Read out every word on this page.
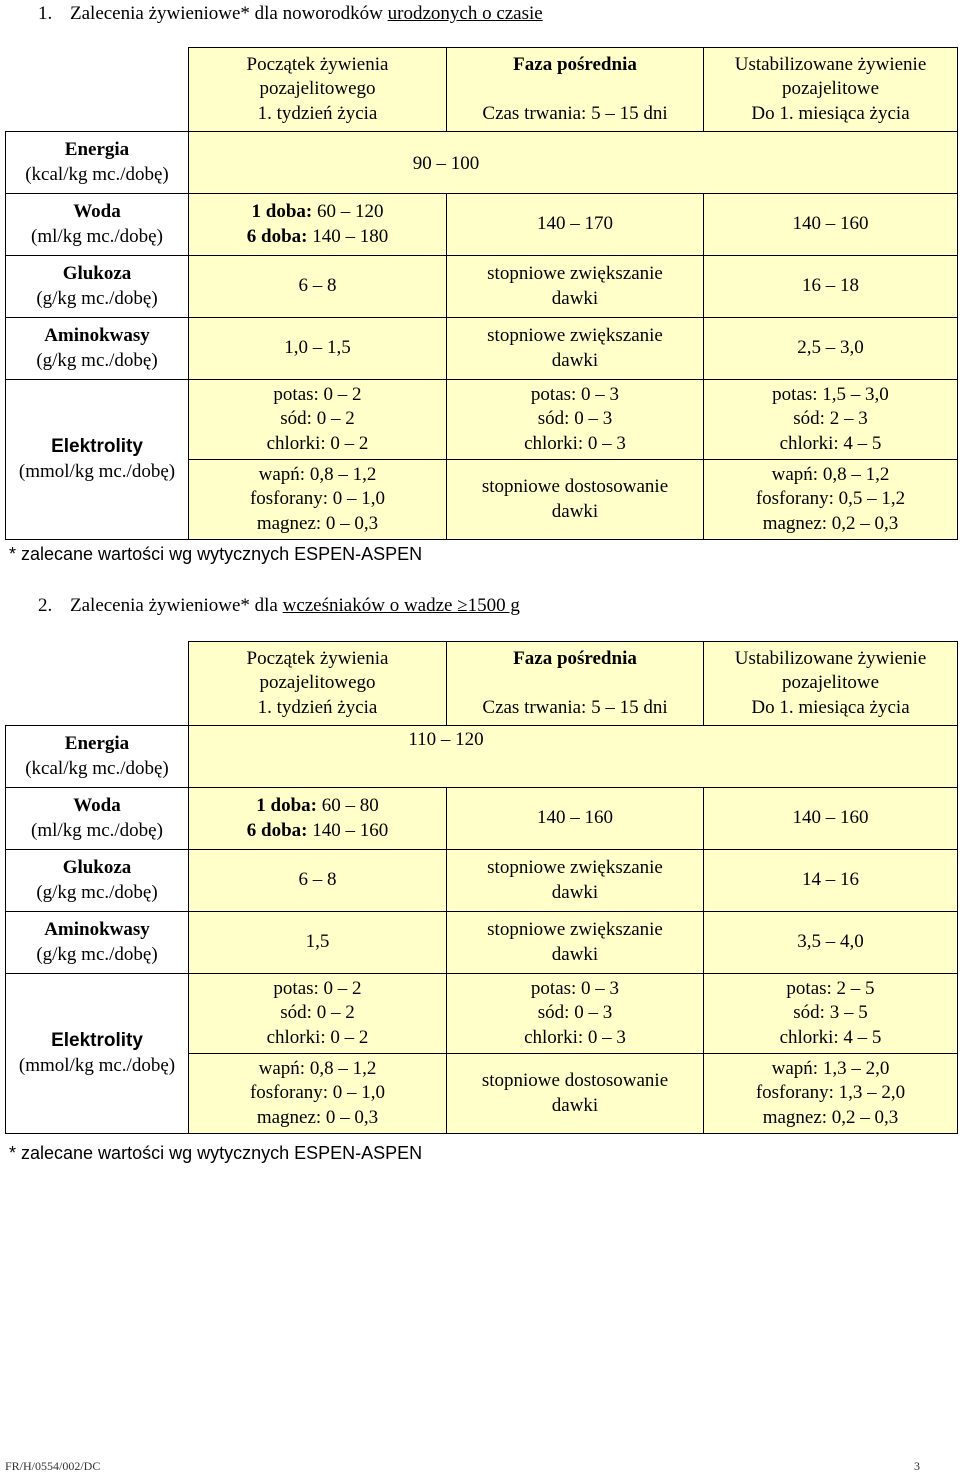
1. Zalecenia żywieniowe* dla noworodków urodzonych o czasie

	Początek żywienia
pozajelitowego
1. tydzień życia	Faza pośrednia
Czas trwania: 5 – 15 dni	Ustabilizowane żywienie
pozajelitowe
Do 1. miesiąca życia

Energia
(kcal/kg mc./dobę)	90 – 100		

Woda
(ml/kg mc./dobę)	1 doba: 60 – 120
6 doba: 140 – 180	140 – 170	140 – 160

Glukoza
(g/kg mc./dobę)	6 – 8	stopniowe zwiększanie
dawki	16 – 18

Aminokwasy
(g/kg mc./dobę)	1,0 – 1,5	stopniowe zwiększanie
dawki	2,5 – 3,0

Elektrolity
(mmol/kg mc./dobę)	potas: 0 – 2
sód: 0 – 2
chlorki: 0 – 2	potas: 0 – 3
sód: 0 – 3
chlorki: 0 – 3	potas: 1,5 – 3,0
sód: 2 – 3
chlorki: 4 – 5

	wapń: 0,8 – 1,2
fosforany: 0 – 1,0
magnez: 0 – 0,3	stopniowe dostosowanie
dawki	wapń: 0,8 – 1,2
fosforany: 0,5 – 1,2
magnez: 0,2 – 0,3
* zalecane wartości wg wytycznych ESPEN-ASPEN
2. Zalecenia żywieniowe* dla wcześniaków o wadze ≥1500 g

	Początek żywienia
pozajelitowego
1. tydzień życia	Faza pośrednia
Czas trwania: 5 – 15 dni	Ustabilizowane żywienie
pozajelitowe
Do 1. miesiąca życia

Energia
(kcal/kg mc./dobę)	110 – 120		

Woda
(ml/kg mc./dobę)	1 doba: 60 – 80
6 doba: 140 – 160	140 – 160	140 – 160

Glukoza
(g/kg mc./dobę)	6 – 8	stopniowe zwiększanie
dawki	14 – 16

Aminokwasy
(g/kg mc./dobę)	1,5	stopniowe zwiększanie
dawki	3,5 – 4,0

Elektrolity
(mmol/kg mc./dobę)	potas: 0 – 2
sód: 0 – 2
chlorki: 0 – 2	potas: 0 – 3
sód: 0 – 3
chlorki: 0 – 3	potas: 2 – 5
sód: 3 – 5
chlorki: 4 – 5

	wapń: 0,8 – 1,2
fosforany: 0 – 1,0
magnez: 0 – 0,3	stopniowe dostosowanie
dawki	wapń: 1,3 – 2,0
fosforany: 1,3 – 2,0
magnez: 0,2 – 0,3
* zalecane wartości wg wytycznych ESPEN-ASPEN
FR/H/0554/002/DC	3
